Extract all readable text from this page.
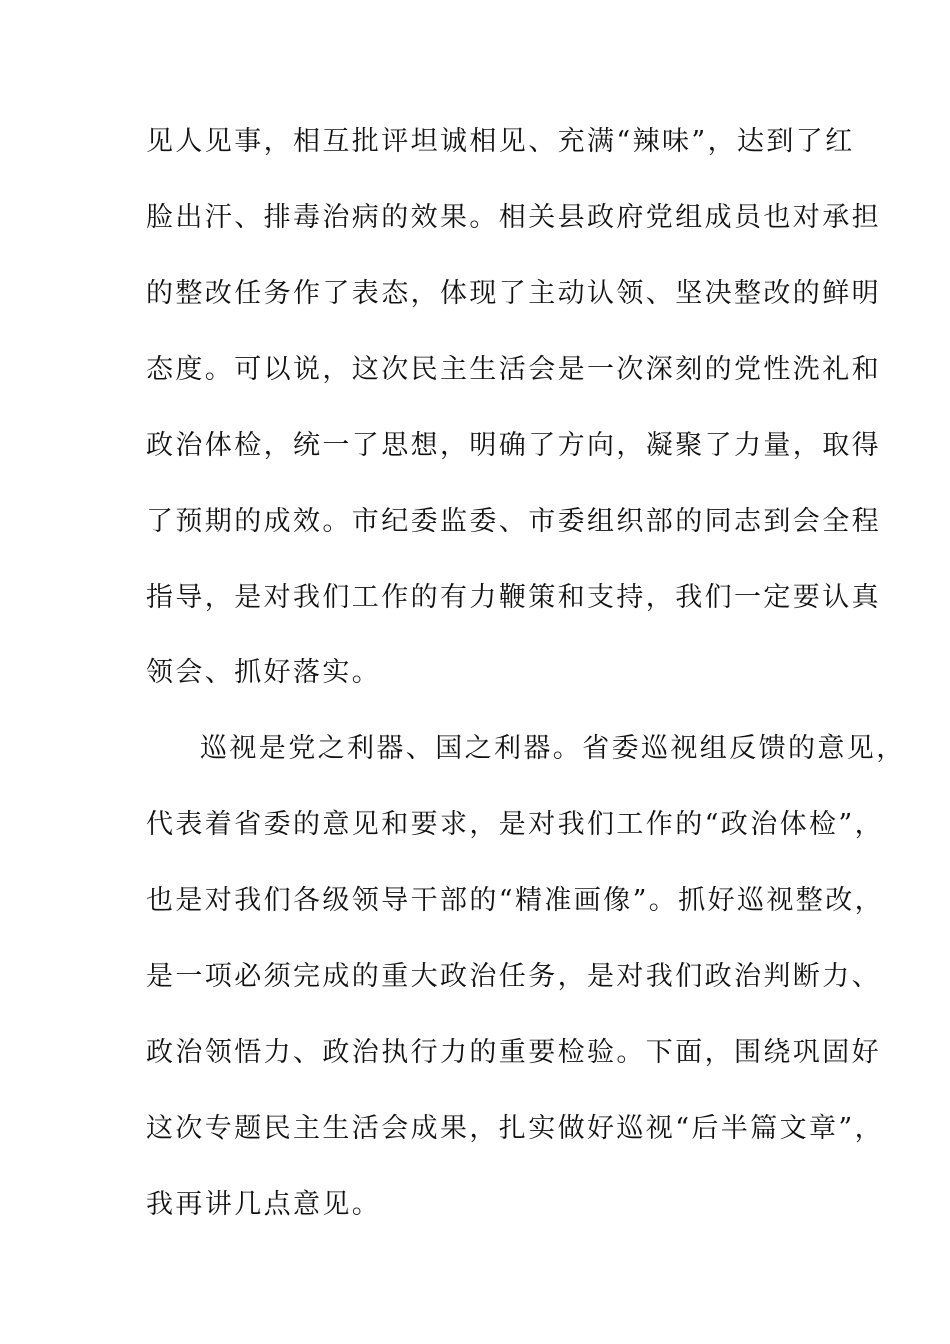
见人见事，相互批评坦诚相见、充满“辣味”，达到了红
脸出汗、排毒治病的效果。相关县政府党组成员也对承担
的整改任务作了表态，体现了主动认领、坚决整改的鲜明
态度。可以说，这次民主生活会是一次深刻的党性洗礼和
政治体检，统一了思想，明确了方向，凝聚了力量，取得
了预期的成效。市纪委监委、市委组织部的同志到会全程
指导，是对我们工作的有力鞭策和支持，我们一定要认真
领会、抓好落实。
巡视是党之利器、国之利器。省委巡视组反馈的意见，
代表着省委的意见和要求，是对我们工作的“政治体检”，
也是对我们各级领导干部的“精准画像”。抓好巡视整改，
是一项必须完成的重大政治任务，是对我们政治判断力、
政治领悟力、政治执行力的重要检验。下面，围绕巩固好
这次专题民主生活会成果，扎实做好巡视“后半篇文章”，
我再讲几点意见。
